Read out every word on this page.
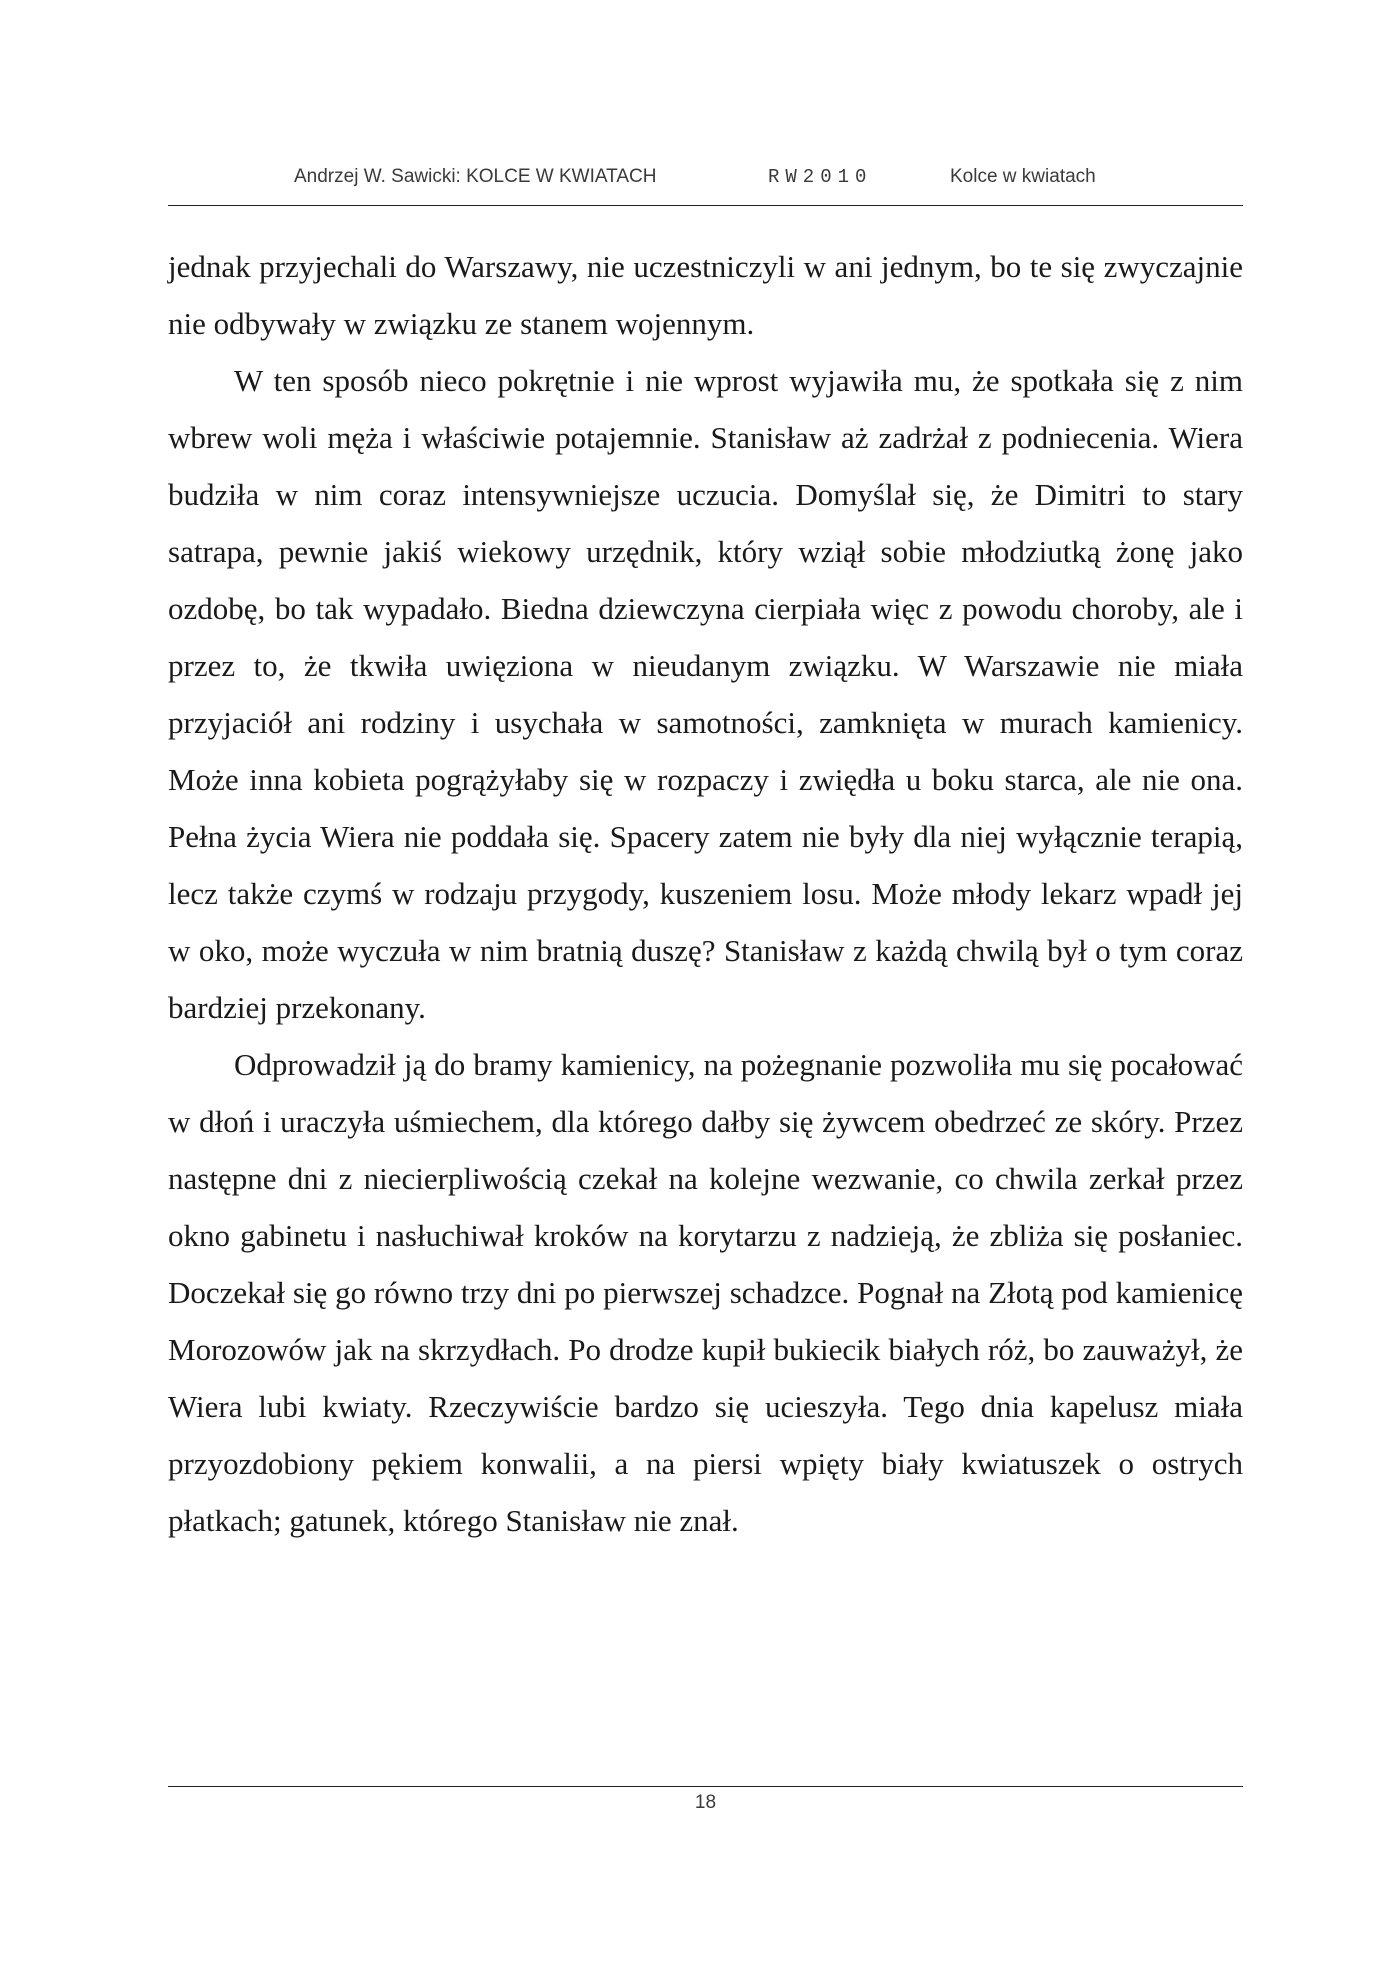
Andrzej W. Sawicki: KOLCE W KWIATACH	RW2010	Kolce w kwiatach

jednak przyjechali do Warszawy, nie uczestniczyli w ani jednym, bo te się zwyczajnie nie odbywały w związku ze stanem wojennym.

W ten sposób nieco pokrętnie i nie wprost wyjawiła mu, że spotkała się z nim wbrew woli męża i właściwie potajemnie. Stanisław aż zadrżał z podniecenia. Wiera budziła w nim coraz intensywniejsze uczucia. Domyślał się, że Dimitri to stary satrapa, pewnie jakiś wiekowy urzędnik, który wziął sobie młodziutką żonę jako ozdobę, bo tak wypadało. Biedna dziewczyna cierpiała więc z powodu choroby, ale i przez to, że tkwiła uwięziona w nieudanym związku. W Warszawie nie miała przyjaciół ani rodziny i usychała w samotności, zamknięta w murach kamienicy. Może inna kobieta pogrążyłaby się w rozpaczy i zwiędła u boku starca, ale nie ona. Pełna życia Wiera nie poddała się. Spacery zatem nie były dla niej wyłącznie terapią, lecz także czymś w rodzaju przygody, kuszeniem losu. Może młody lekarz wpadł jej w oko, może wyczuła w nim bratnią duszę? Stanisław z każdą chwilą był o tym coraz bardziej przekonany.

Odprowadził ją do bramy kamienicy, na pożegnanie pozwoliła mu się pocałować w dłoń i uraczyła uśmiechem, dla którego dałby się żywcem obedrzeć ze skóry. Przez następne dni z niecierpliwością czekał na kolejne wezwanie, co chwila zerkał przez okno gabinetu i nasłuchiwał kroków na korytarzu z nadzieją, że zbliża się posłaniec. Doczekał się go równo trzy dni po pierwszej schadzce. Pognał na Złotą pod kamienicę Morozowów jak na skrzydłach. Po drodze kupił bukiecik białych róż, bo zauważył, że Wiera lubi kwiaty. Rzeczywiście bardzo się ucieszyła. Tego dnia kapelusz miała przyozdobiony pękiem konwalii, a na piersi wpięty biały kwiatuszek o ostrych płatkach; gatunek, którego Stanisław nie znał.

18
